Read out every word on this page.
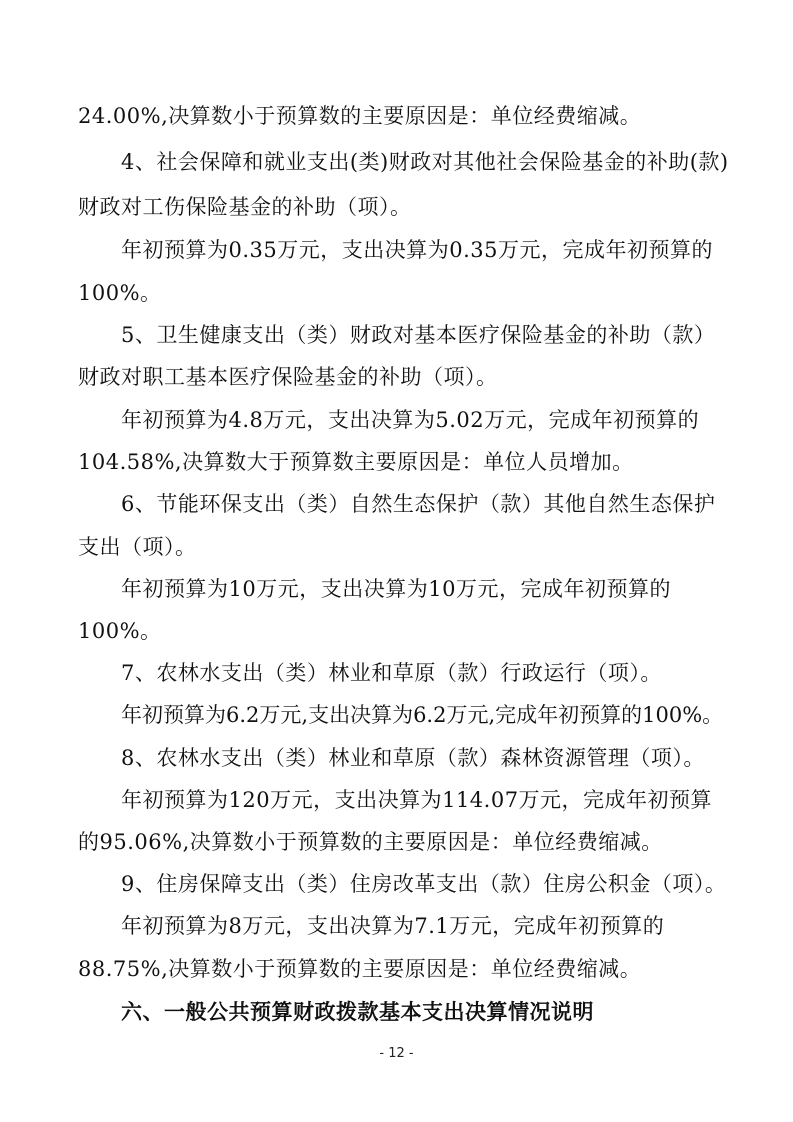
24.00%,决算数小于预算数的主要原因是：单位经费缩减。
4、社会保障和就业支出(类)财政对其他社会保险基金的补助(款)
财政对工伤保险基金的补助（项）。
年初预算为0.35万元，支出决算为0.35万元，完成年初预算的
100%。
5、卫生健康支出（类）财政对基本医疗保险基金的补助（款）
财政对职工基本医疗保险基金的补助（项）。
年初预算为4.8万元，支出决算为5.02万元，完成年初预算的
104.58%,决算数大于预算数主要原因是：单位人员增加。
6、节能环保支出（类）自然生态保护（款）其他自然生态保护
支出（项）。
年初预算为10万元，支出决算为10万元，完成年初预算的
100%。
7、农林水支出（类）林业和草原（款）行政运行（项）。
年初预算为6.2万元,支出决算为6.2万元,完成年初预算的100%。
8、农林水支出（类）林业和草原（款）森林资源管理（项）。
年初预算为120万元，支出决算为114.07万元，完成年初预算
的95.06%,决算数小于预算数的主要原因是：单位经费缩减。
9、住房保障支出（类）住房改革支出（款）住房公积金（项）。
年初预算为8万元，支出决算为7.1万元，完成年初预算的
88.75%,决算数小于预算数的主要原因是：单位经费缩减。
六、一般公共预算财政拨款基本支出决算情况说明
- 12 -
